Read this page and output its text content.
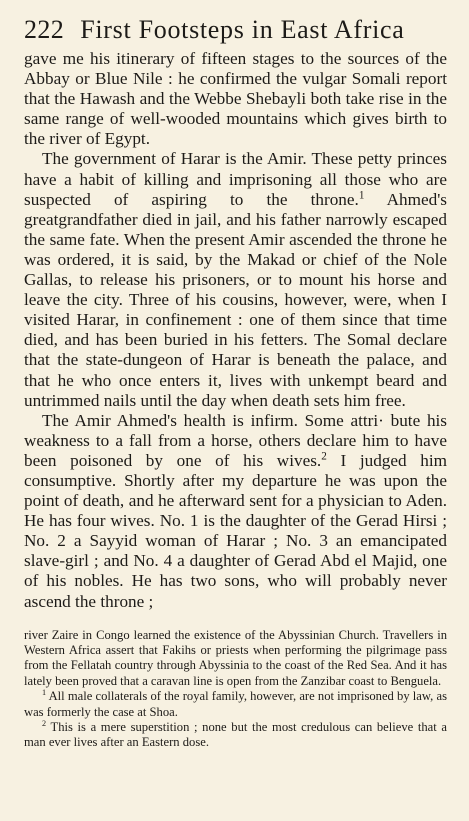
222 First Footsteps in East Africa

gave me his itinerary of fifteen stages to the sources of the Abbay or Blue Nile : he confirmed the vulgar Somali report that the Hawash and the Webbe Shebayli both take rise in the same range of well-wooded mountains which gives birth to the river of Egypt.

The government of Harar is the Amir. These petty princes have a habit of killing and imprisoning all those who are suspected of aspiring to the throne.$^1$ Ahmed's greatgrandfather died in jail, and his father narrowly escaped the same fate. When the present Amir ascended the throne he was ordered, it is said, by the Makad or chief of the Nole Gallas, to release his prisoners, or to mount his horse and leave the city. Three of his cousins, however, were, when I visited Harar, in confinement : one of them since that time died, and has been buried in his fetters. The Somal declare that the state-dungeon of Harar is beneath the palace, and that he who once enters it, lives with unkempt beard and untrimmed nails until the day when death sets him free.

The Amir Ahmed's health is infirm. Some attri· bute his weakness to a fall from a horse, others declare him to have been poisoned by one of his wives.$^2$ I judged him consumptive. Shortly after my departure he was upon the point of death, and he afterward sent for a physician to Aden. He has four wives. No. 1 is the daughter of the Gerad Hirsi ; No. 2 a Sayyid woman of Harar ; No. 3 an emancipated slave-girl ; and No. 4 a daughter of Gerad Abd el Majid, one of his nobles. He has two sons, who will probably never ascend the throne ;

river Zaire in Congo learned the existence of the Abyssinian Church. Travellers in Western Africa assert that Fakihs or priests when performing the pilgrimage pass from the Fellatah country through Abyssinia to the coast of the Red Sea. And it has lately been proved that a caravan line is open from the Zanzibar coast to Benguela.

$^1$ All male collaterals of the royal family, however, are not imprisoned by law, as was formerly the case at Shoa.

$^2$ This is a mere superstition ; none but the most credulous can believe that a man ever lives after an Eastern dose.
